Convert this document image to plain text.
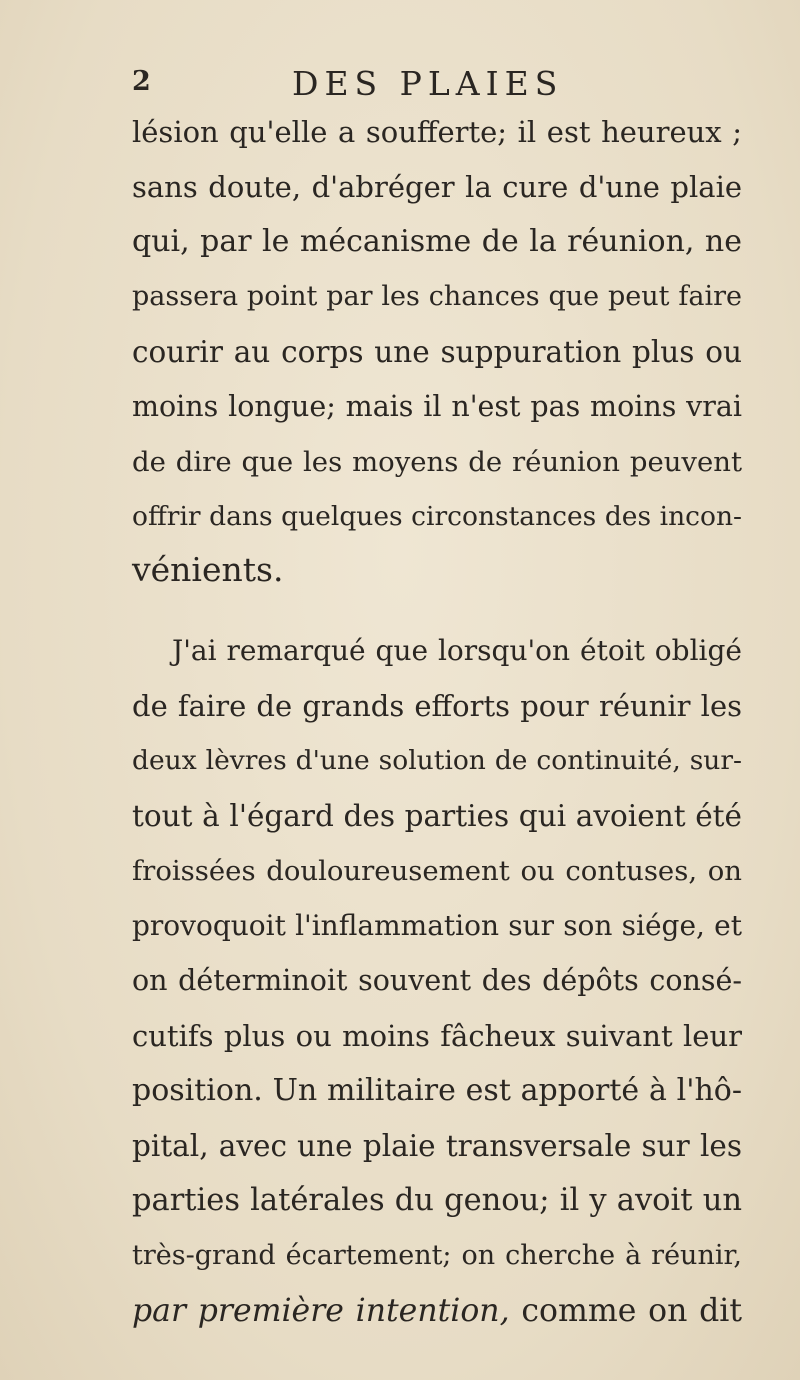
2	DES PLAIES
lésion qu'elle a soufferte; il est heureux ;
sans doute, d'abréger la cure d'une plaie
qui, par le mécanisme de la réunion, ne
passera point par les chances que peut faire
courir au corps une suppuration plus ou
moins longue; mais il n'est pas moins vrai
de dire que les moyens de réunion peuvent
offrir dans quelques circonstances des incon-
vénients.
J'ai remarqué que lorsqu'on étoit obligé
de faire de grands efforts pour réunir les
deux lèvres d'une solution de continuité, sur-
tout à l'égard des parties qui avoient été
froissées douloureusement ou contuses, on
provoquoit l'inflammation sur son siége, et
on déterminoit souvent des dépôts consé-
cutifs plus ou moins fâcheux suivant leur
position. Un militaire est apporté à l'hô-
pital, avec une plaie transversale sur les
parties latérales du genou; il y avoit un
très-grand écartement; on cherche à réunir,
par première intention, comme on dit
